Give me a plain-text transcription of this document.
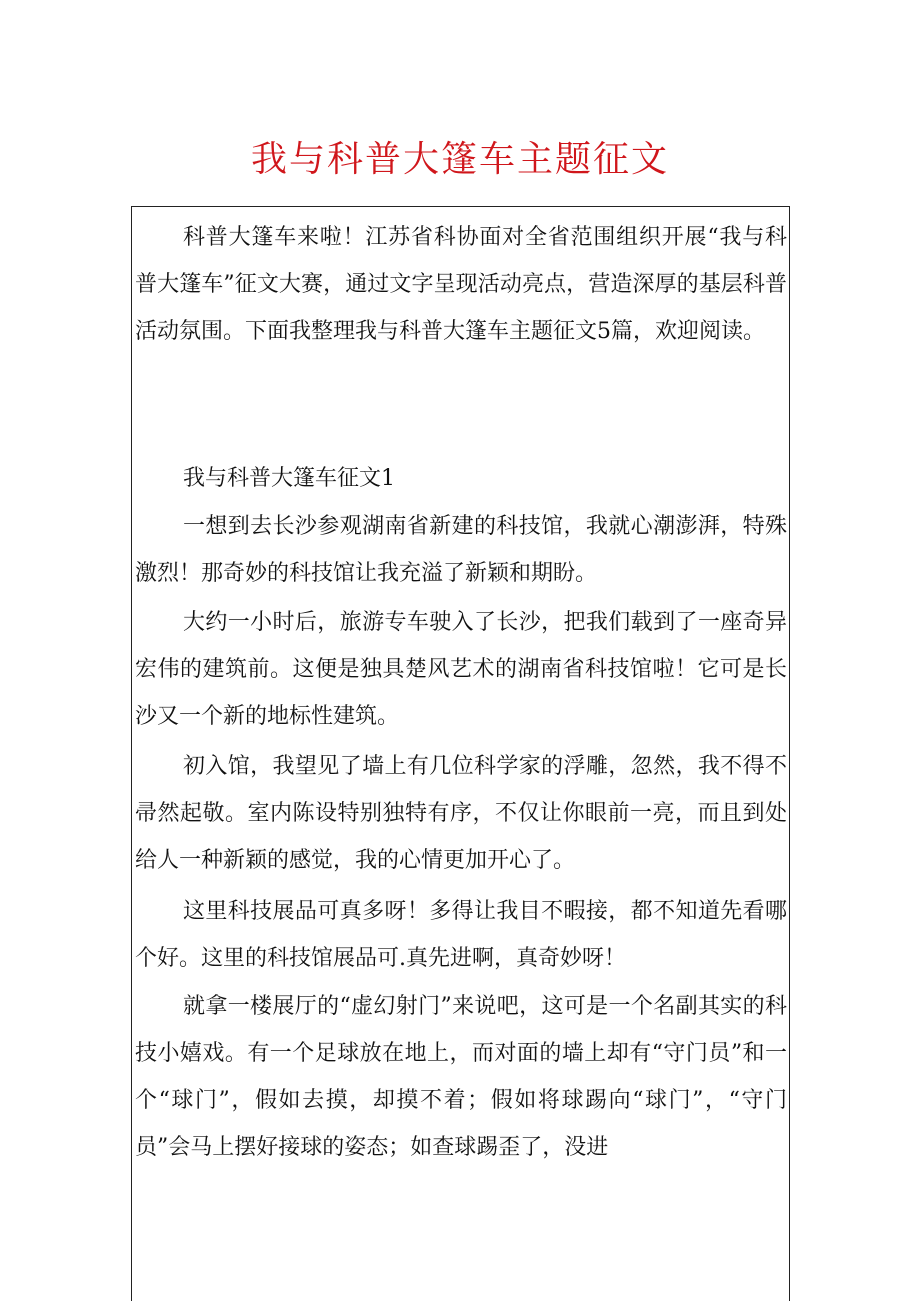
我与科普大篷车主题征文

科普大篷车来啦！江苏省科协面对全省范围组织开展“我与科普大篷车”征文大赛，通过文字呈现活动亮点，营造深厚的基层科普活动氛围。下面我整理我与科普大篷车主题征文5篇，欢迎阅读。

我与科普大篷车征文1

一想到去长沙参观湖南省新建的科技馆，我就心潮澎湃，特殊激烈！那奇妙的科技馆让我充溢了新颖和期盼。

大约一小时后，旅游专车驶入了长沙，把我们载到了一座奇异宏伟的建筑前。这便是独具楚风艺术的湖南省科技馆啦！它可是长沙又一个新的地标性建筑。

初入馆，我望见了墙上有几位科学家的浮雕，忽然，我不得不帚然起敬。室内陈设特别独特有序，不仅让你眼前一亮，而且到处给人一种新颖的感觉，我的心情更加开心了。

这里科技展品可真多呀！多得让我目不暇接，都不知道先看哪个好。这里的科技馆展品可.真先进啊，真奇妙呀！

就拿一楼展厅的“虚幻射门”来说吧，这可是一个名副其实的科技小嬉戏。有一个足球放在地上，而对面的墙上却有“守门员”和一个“球门”，假如去摸，却摸不着；假如将球踢向“球门”，“守门员”会马上摆好接球的姿态；如查球踢歪了，没进
